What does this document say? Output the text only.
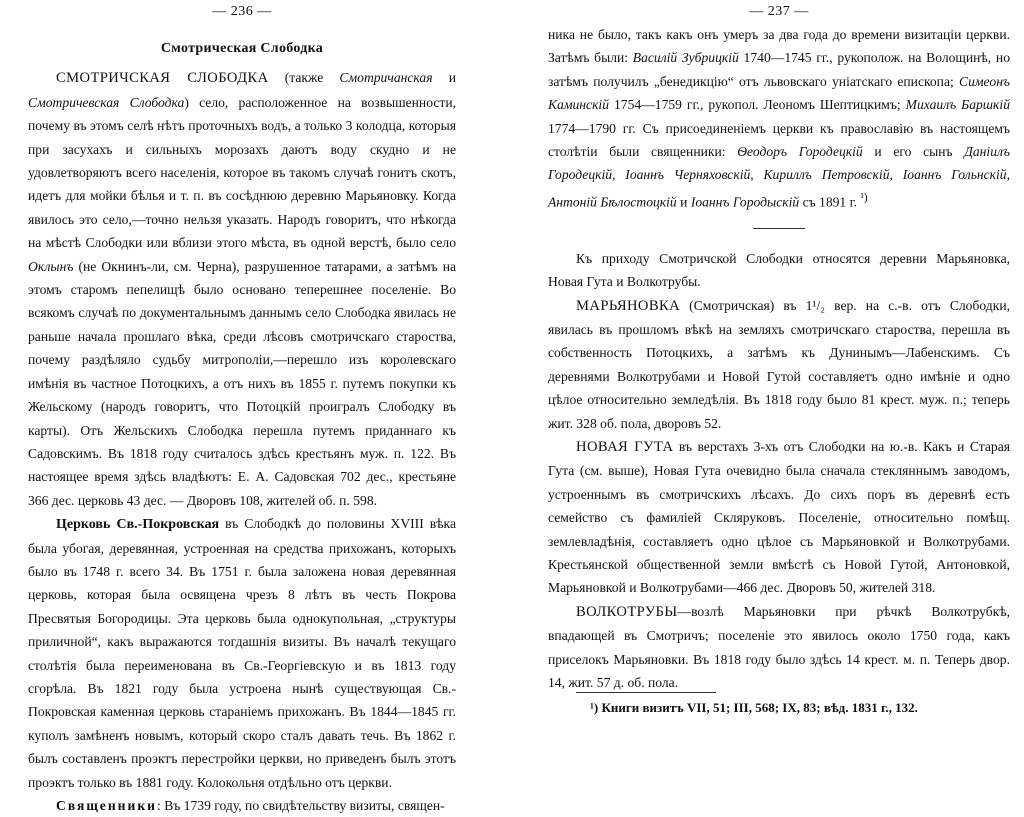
— 236 —
Смотрическая Слободка

СМОТРИЧСКАЯ СЛОБОДКА (также Смотричанская и Смотричевская Слободка) село, расположенное на возвышенности, почему въ этомъ селѣ нѣтъ проточныхъ водъ, а только 3 колодца, которыя при засухахъ и сильныхъ морозахъ даютъ воду скудно и не удовлетворяютъ всего населенія, которое въ такомъ случаѣ гонитъ скотъ, идетъ для мойки бѣлья и т. п. въ сосѣднюю деревню Марьяновку. Когда явилось это село,—точно нельзя указать. Народъ говоритъ, что нѣкогда на мѣстѣ Слободки или вблизи этого мѣста, въ одной верстѣ, было село Оклынъ (не Окнинъ-ли, см. Черна), разрушенное татарами, а затѣмъ на этомъ старомъ пепелищѣ было основано теперешнее поселеніе. Во всякомъ случаѣ по документальнымъ даннымъ село Слободка явилась не раньше начала прошлаго вѣка, среди лѣсовъ смотричскаго староства, почему раздѣляло судьбу митрополіи,—перешло изъ королевскаго имѣнія въ частное Потоцкихъ, а отъ нихъ въ 1855 г. путемъ покупки къ Жельскому (народъ говоритъ, что Потоцкій проигралъ Слободку въ карты). Отъ Жельскихъ Слободка перешла путемъ приданнаго къ Садовскимъ. Въ 1818 году считалось здѣсь крестьянъ муж. п. 122. Въ настоящее время здѣсь владѣютъ: Е. А. Садовская 702 дес., крестьяне 366 дес. церковь 43 дес. — Дворовъ 108, жителей об. п. 598.

Церковь Св.-Покровская въ Слободкѣ до половины XVIII вѣка была убогая, деревянная, устроенная на средства прихожанъ, которыхъ было въ 1748 г. всего 34. Въ 1751 г. была заложена новая деревянная церковь, которая была освящена чрезъ 8 лѣтъ въ честь Покрова Пресвятыя Богородицы. Эта церковь была однокупольная, „структуры приличной“, какъ выражаются тогдашнія визиты. Въ началѣ текущаго столѣтія была переименована въ Св.-Георгіевскую и въ 1813 году сгорѣла. Въ 1821 году была устроена нынѣ существующая Св.-Покровская каменная церковь стараніемъ прихожанъ. Въ 1844—1845 гг. куполъ замѣненъ новымъ, который скоро сталъ давать течь. Въ 1862 г. былъ составленъ проэктъ перестройки церкви, но приведенъ былъ этотъ проэктъ только въ 1881 году. Колокольня отдѣльно отъ церкви.

Священники: Въ 1739 году, по свидѣтельству визиты, священ-

— 237 —

ника не было, такъ какъ онъ умеръ за два года до времени визитаціи церкви. Затѣмъ были: Василій Зубрицкій 1740—1745 гг., рукополож. на Волощинѣ, но затѣмъ получилъ „бенедикцію“ отъ львовскаго уніатскаго епископа; Симеонъ Каминскій 1754—1759 гг., рукопол. Леономъ Шептицкимъ; Михаилъ Баршкій 1774—1790 гг. Съ присоединеніемъ церкви къ православію въ настоящемъ столѣтіи были священники: Ѳеодоръ Городецкій и его сынъ Даніилъ Городецкій, Іоаннъ Черняховскій, Кириллъ Петровскій, Іоаннъ Гольнскій, Антоній Бѣлостоцкій и Іоаннъ Городыскій съ 1891 г. $^{^1)}$

Къ приходу Смотричской Слободки относятся деревни Марьяновка, Новая Гута и Волкотрубы.

МАРЬЯНОВКА (Смотричская) въ 1¹/₂ вер. на с.-в. отъ Слободки, явилась въ прошломъ вѣкѣ на земляхъ смотричскаго староства, перешла въ собственность Потоцкихъ, а затѣмъ къ Дунинымъ—Лабенскимъ. Съ деревнями Волкотрубами и Новой Гутой составляетъ одно имѣніе и одно цѣлое относительно земледѣлія. Въ 1818 году было 81 крест. муж. п.; теперь жит. 328 об. пола, дворовъ 52.

НОВАЯ ГУТА въ верстахъ 3-хъ отъ Слободки на ю.-в. Какъ и Старая Гута (см. выше), Новая Гута очевидно была сначала стекляннымъ заводомъ, устроеннымъ въ смотричскихъ лѣсахъ. До сихъ поръ въ деревнѣ есть семейство съ фамиліей Скляруковъ. Поселеніе, относительно помѣщ. землевладѣнія, составляетъ одно цѣлое съ Марьяновкой и Волкотрубами. Крестьянской общественной земли вмѣстѣ съ Новой Гутой, Антоновкой, Марьяновкой и Волкотрубами—466 дес. Дворовъ 50, жителей 318.

ВОЛКОТРУБЫ—возлѣ Марьяновки при рѣчкѣ Волкотрубкѣ, впадающей въ Смотричъ; поселеніе это явилось около 1750 года, какъ приселокъ Марьяновки. Въ 1818 году было здѣсь 14 крест. м. п. Теперь двор. 14, жит. 57 д. об. пола.

¹) Книги визитъ VII, 51; III, 568; IX, 83; вѣд. 1831 г., 132.
